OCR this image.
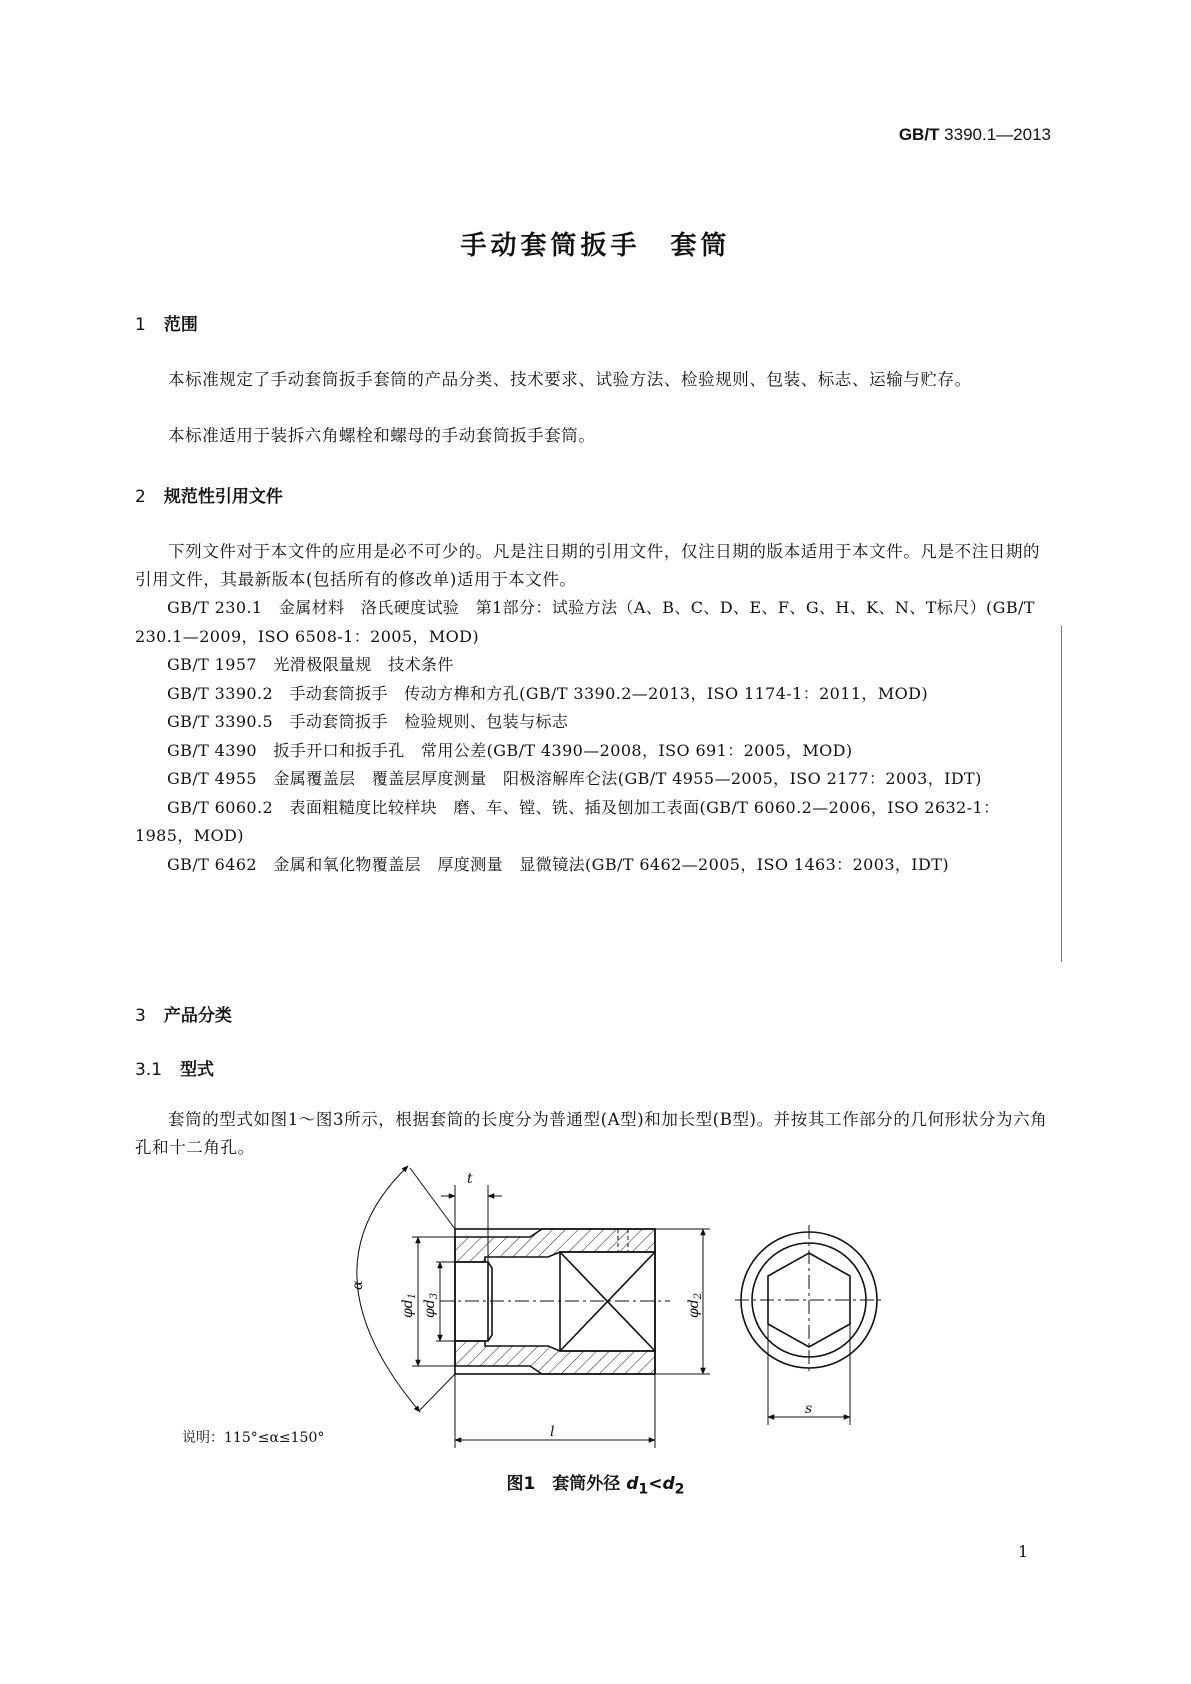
GB/T 3390.1—2013
手动套筒扳手　套筒
1 范围
本标准规定了手动套筒扳手套筒的产品分类、技术要求、试验方法、检验规则、包装、标志、运输与贮存。
本标准适用于装拆六角螺栓和螺母的手动套筒扳手套筒。
2 规范性引用文件
下列文件对于本文件的应用是必不可少的。凡是注日期的引用文件，仅注日期的版本适用于本文件。凡是不注日期的引用文件，其最新版本(包括所有的修改单)适用于本文件。
GB/T 230.1　金属材料　洛氏硬度试验　第1部分：试验方法（A、B、C、D、E、F、G、H、K、N、T标尺）(GB/T 230.1—2009，ISO 6508-1：2005，MOD)
GB/T 1957　光滑极限量规　技术条件
GB/T 3390.2　手动套筒扳手　传动方榫和方孔(GB/T 3390.2—2013，ISO 1174-1：2011，MOD)
GB/T 3390.5　手动套筒扳手　检验规则、包装与标志
GB/T 4390　扳手开口和扳手孔　常用公差(GB/T 4390—2008，ISO 691：2005，MOD)
GB/T 4955　金属覆盖层　覆盖层厚度测量　阳极溶解库仑法(GB/T 4955—2005，ISO 2177：2003，IDT)
GB/T 6060.2　表面粗糙度比较样块　磨、车、镗、铣、插及刨加工表面(GB/T 6060.2—2006，ISO 2632-1：1985，MOD)
GB/T 6462　金属和氧化物覆盖层　厚度测量　显微镜法(GB/T 6462—2005，ISO 1463：2003，IDT)
3 产品分类
3.1 型式
套筒的型式如图1～图3所示，根据套筒的长度分为普通型(A型)和加长型(B型)。并按其工作部分的几何形状分为六角孔和十二角孔。
t
l
s
α
$\varphi d_1$
$\varphi d_3$
$\varphi d_2$
说明：115°≤α≤150°
图1　套筒外径 $d_1<d_2$
1
